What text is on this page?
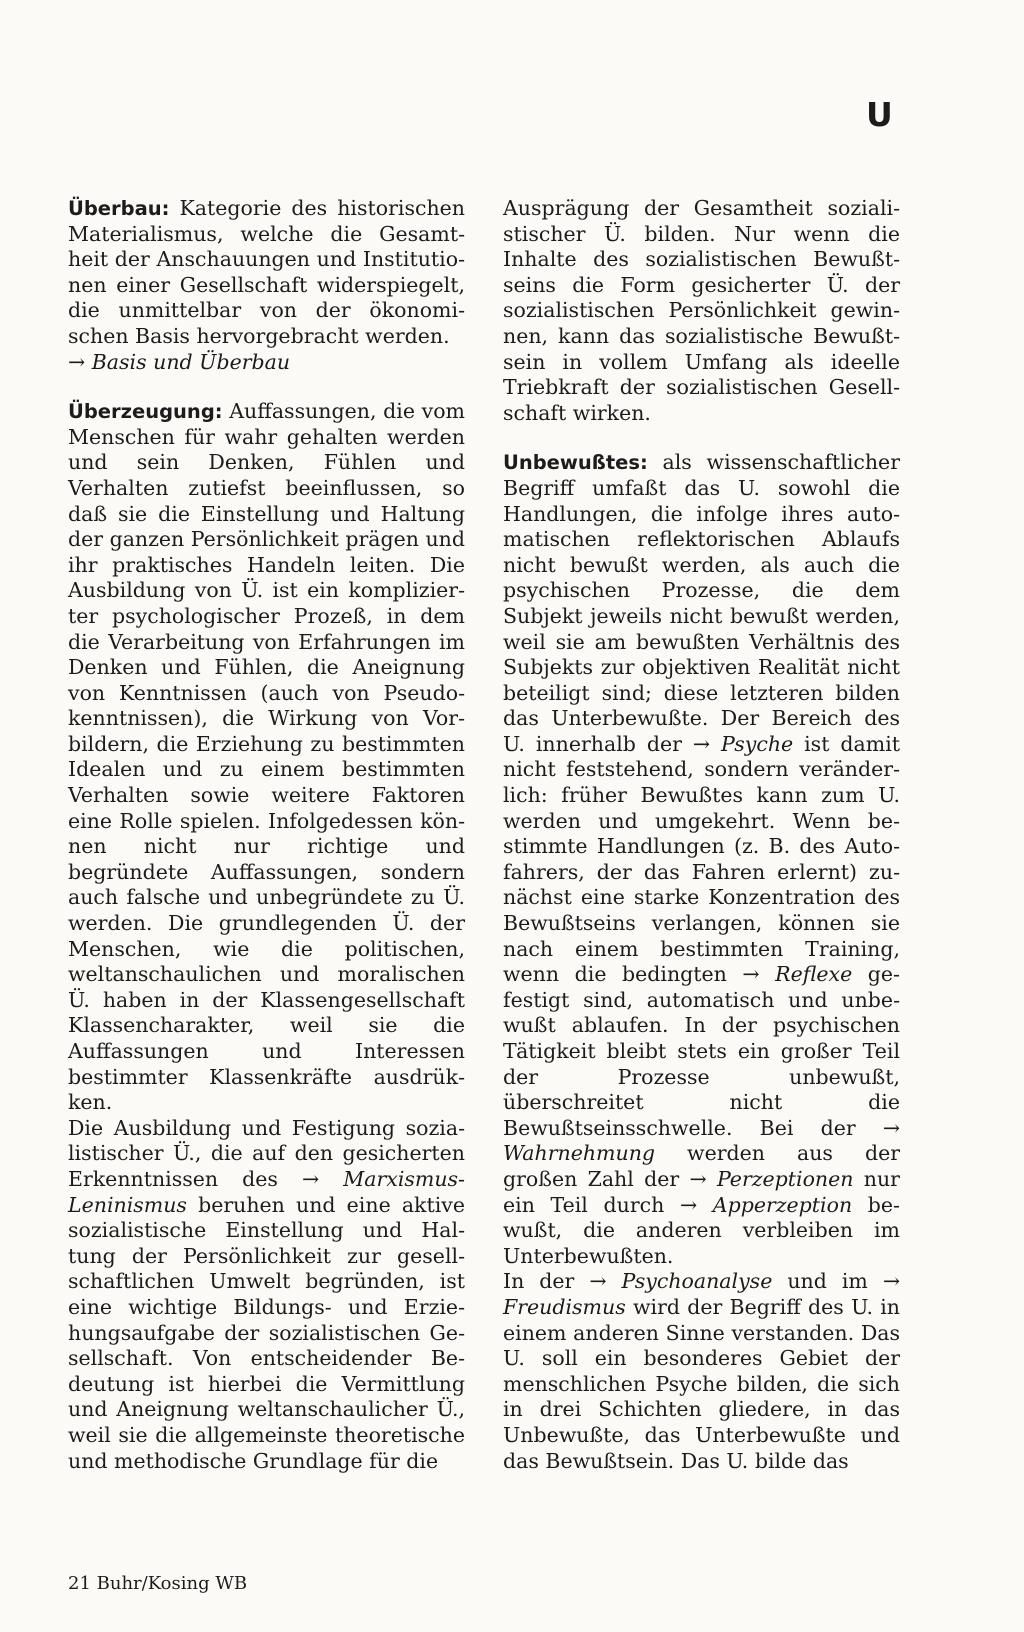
U

Überbau: Kategorie des historischen Materialismus, welche die Gesamtheit der Anschauungen und Institutionen einer Gesellschaft widerspiegelt, die unmittelbar von der ökonomischen Basis hervorgebracht werden.
→ Basis und Überbau

Überzeugung: Auffassungen, die vom Menschen für wahr gehalten werden und sein Denken, Fühlen und Verhalten zutiefst beeinflussen, so daß sie die Einstellung und Haltung der ganzen Persönlichkeit prägen und ihr praktisches Handeln leiten. Die Ausbildung von Ü. ist ein komplizierter psychologischer Prozeß, in dem die Verarbeitung von Erfahrungen im Denken und Fühlen, die Aneignung von Kenntnissen (auch von Pseudokenntnissen), die Wirkung von Vorbildern, die Erziehung zu bestimmten Idealen und zu einem bestimmten Verhalten sowie weitere Faktoren eine Rolle spielen. Infolgedessen können nicht nur richtige und begründete Auffassungen, sondern auch falsche und unbegründete zu Ü. werden. Die grundlegenden Ü. der Menschen, wie die politischen, weltanschaulichen und moralischen Ü. haben in der Klassengesellschaft Klassencharakter, weil sie die Auffassungen und Interessen bestimmter Klassenkräfte ausdrükken.

Die Ausbildung und Festigung sozialistischer Ü., die auf den gesicherten Erkenntnissen des → Marxismus-Leninismus beruhen und eine aktive sozialistische Einstellung und Haltung der Persönlichkeit zur gesellschaftlichen Umwelt begründen, ist eine wichtige Bildungs- und Erziehungsaufgabe der sozialistischen Gesellschaft. Von entscheidender Bedeutung ist hierbei die Vermittlung und Aneignung weltanschaulicher Ü., weil sie die allgemeinste theoretische und methodische Grundlage für die

Ausprägung der Gesamtheit sozialistischer Ü. bilden. Nur wenn die Inhalte des sozialistischen Bewußtseins die Form gesicherter Ü. der sozialistischen Persönlichkeit gewinnen, kann das sozialistische Bewußtsein in vollem Umfang als ideelle Triebkraft der sozialistischen Gesellschaft wirken.

Unbewußtes: als wissenschaftlicher Begriff umfaßt das U. sowohl die Handlungen, die infolge ihres automatischen reflektorischen Ablaufs nicht bewußt werden, als auch die psychischen Prozesse, die dem Subjekt jeweils nicht bewußt werden, weil sie am bewußten Verhältnis des Subjekts zur objektiven Realität nicht beteiligt sind; diese letzteren bilden das Unterbewußte. Der Bereich des U. innerhalb der → Psyche ist damit nicht feststehend, sondern veränderlich: früher Bewußtes kann zum U. werden und umgekehrt. Wenn bestimmte Handlungen (z. B. des Autofahrers, der das Fahren erlernt) zunächst eine starke Konzentration des Bewußtseins verlangen, können sie nach einem bestimmten Training, wenn die bedingten → Reflexe gefestigt sind, automatisch und unbewußt ablaufen. In der psychischen Tätigkeit bleibt stets ein großer Teil der Prozesse unbewußt, überschreitet nicht die Bewußtseinsschwelle. Bei der → Wahrnehmung werden aus der großen Zahl der → Perzeptionen nur ein Teil durch → Apperzeption bewußt, die anderen verbleiben im Unterbewußten.

In der → Psychoanalyse und im → Freudismus wird der Begriff des U. in einem anderen Sinne verstanden. Das U. soll ein besonderes Gebiet der menschlichen Psyche bilden, die sich in drei Schichten gliedere, in das Unbewußte, das Unterbewußte und das Bewußtsein. Das U. bilde das

21 Buhr/Kosing WB
